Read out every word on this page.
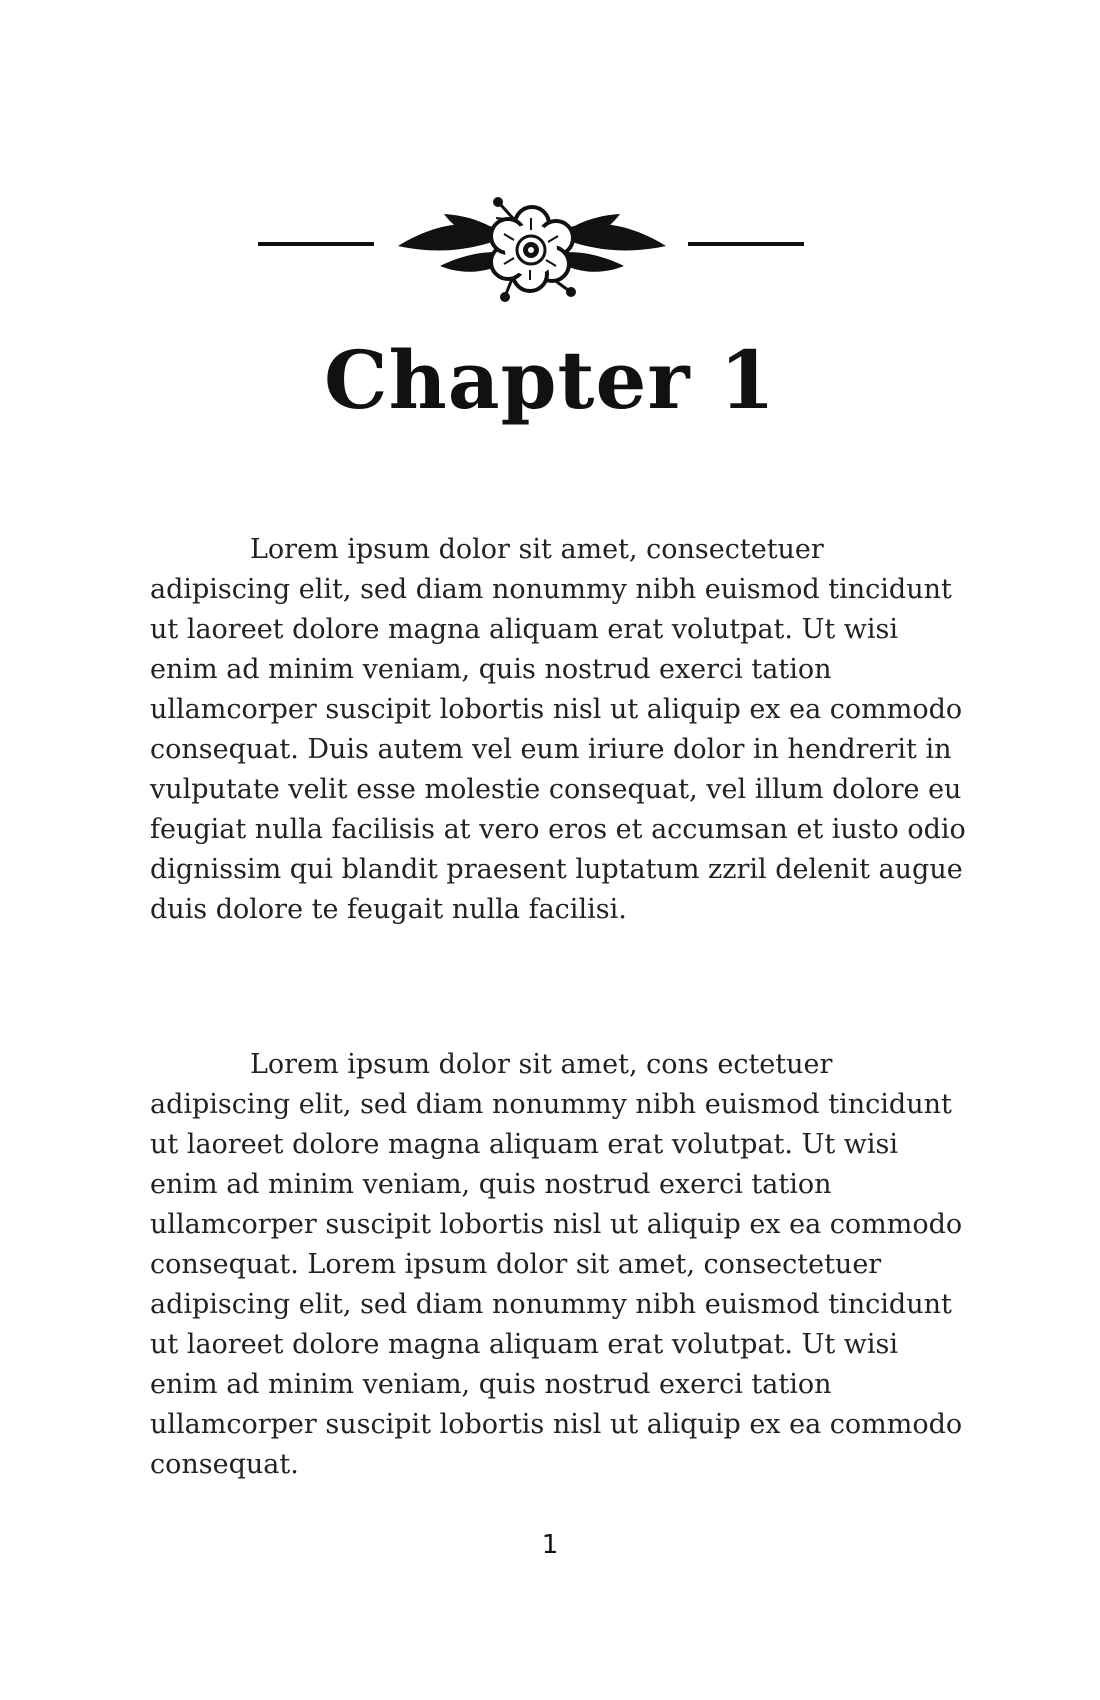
Chapter 1

Lorem ipsum dolor sit amet, consectetuer adipiscing elit, sed diam nonummy nibh euismod tincidunt ut laoreet dolore magna aliquam erat volutpat. Ut wisi enim ad minim veniam, quis nostrud exerci tation ullamcorper suscipit lobortis nisl ut aliquip ex ea commodo consequat. Duis autem vel eum iriure dolor in hendrerit in vulputate velit esse molestie consequat, vel illum dolore eu feugiat nulla facilisis at vero eros et accumsan et iusto odio dignissim qui blandit praesent luptatum zzril delenit augue duis dolore te feugait nulla facilisi.

Lorem ipsum dolor sit amet, cons ectetuer adipiscing elit, sed diam nonummy nibh euismod tincidunt ut laoreet dolore magna aliquam erat volutpat. Ut wisi enim ad minim veniam, quis nostrud exerci tation ullamcorper suscipit lobortis nisl ut aliquip ex ea commodo consequat. Lorem ipsum dolor sit amet, consectetuer adipiscing elit, sed diam nonummy nibh euismod tincidunt ut laoreet dolore magna aliquam erat volutpat. Ut wisi enim ad minim veniam, quis nostrud exerci tation ullamcorper suscipit lobortis nisl ut aliquip ex ea commodo consequat.

1
